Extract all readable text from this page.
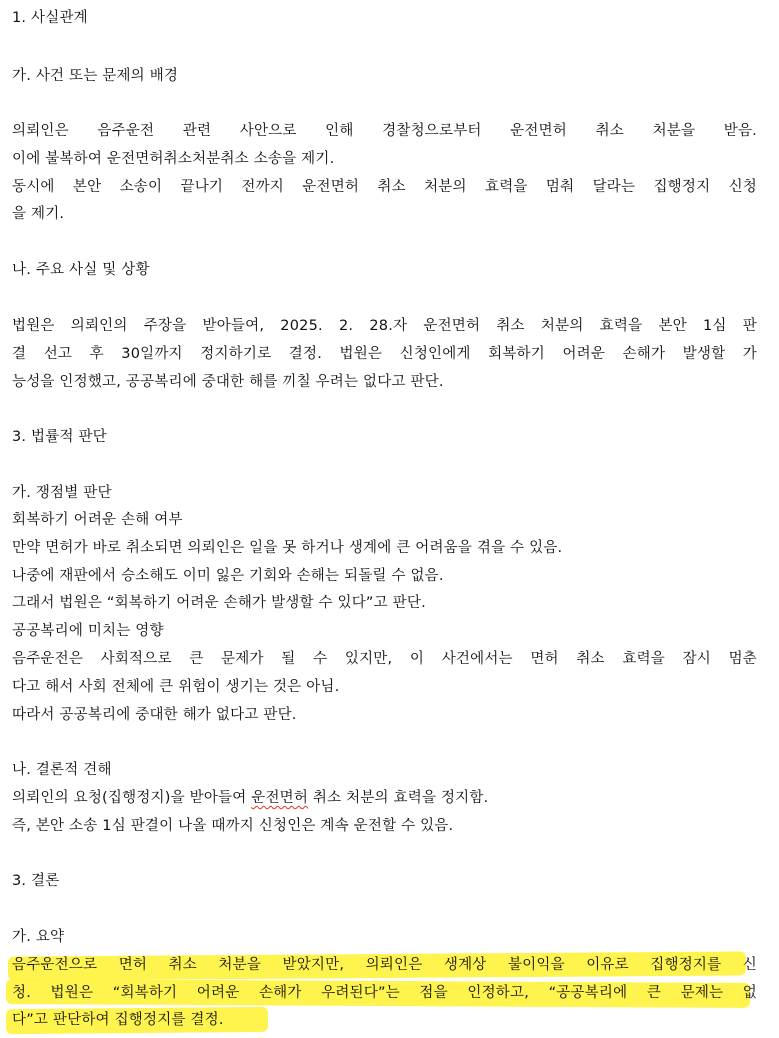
1. 사실관계
가. 사건 또는 문제의 배경
의뢰인은 음주운전 관련 사안으로 인해 경찰청으로부터 운전면허 취소 처분을 받음.
이에 불복하여 운전면허취소처분취소 소송을 제기.
동시에 본안 소송이 끝나기 전까지 운전면허 취소 처분의 효력을 멈춰 달라는 집행정지 신청
을 제기.
나. 주요 사실 및 상황
법원은 의뢰인의 주장을 받아들여, 2025. 2. 28.자 운전면허 취소 처분의 효력을 본안 1심 판
결 선고 후 30일까지 정지하기로 결정. 법원은 신청인에게 회복하기 어려운 손해가 발생할 가
능성을 인정했고, 공공복리에 중대한 해를 끼칠 우려는 없다고 판단.
3. 법률적 판단
가. 쟁점별 판단
회복하기 어려운 손해 여부
만약 면허가 바로 취소되면 의뢰인은 일을 못 하거나 생계에 큰 어려움을 겪을 수 있음.
나중에 재판에서 승소해도 이미 잃은 기회와 손해는 되돌릴 수 없음.
그래서 법원은 “회복하기 어려운 손해가 발생할 수 있다”고 판단.
공공복리에 미치는 영향
음주운전은 사회적으로 큰 문제가 될 수 있지만, 이 사건에서는 면허 취소 효력을 잠시 멈춘
다고 해서 사회 전체에 큰 위험이 생기는 것은 아님.
따라서 공공복리에 중대한 해가 없다고 판단.
나. 결론적 견해
의뢰인의 요청(집행정지)을 받아들여 운전면허 취소 처분의 효력을 정지함.
즉, 본안 소송 1심 판결이 나올 때까지 신청인은 계속 운전할 수 있음.
3. 결론
가. 요약
음주운전으로 면허 취소 처분을 받았지만, 의뢰인은 생계상 불이익을 이유로 집행정지를 신
청. 법원은 “회복하기 어려운 손해가 우려된다”는 점을 인정하고, “공공복리에 큰 문제는 없
다”고 판단하여 집행정지를 결정.
